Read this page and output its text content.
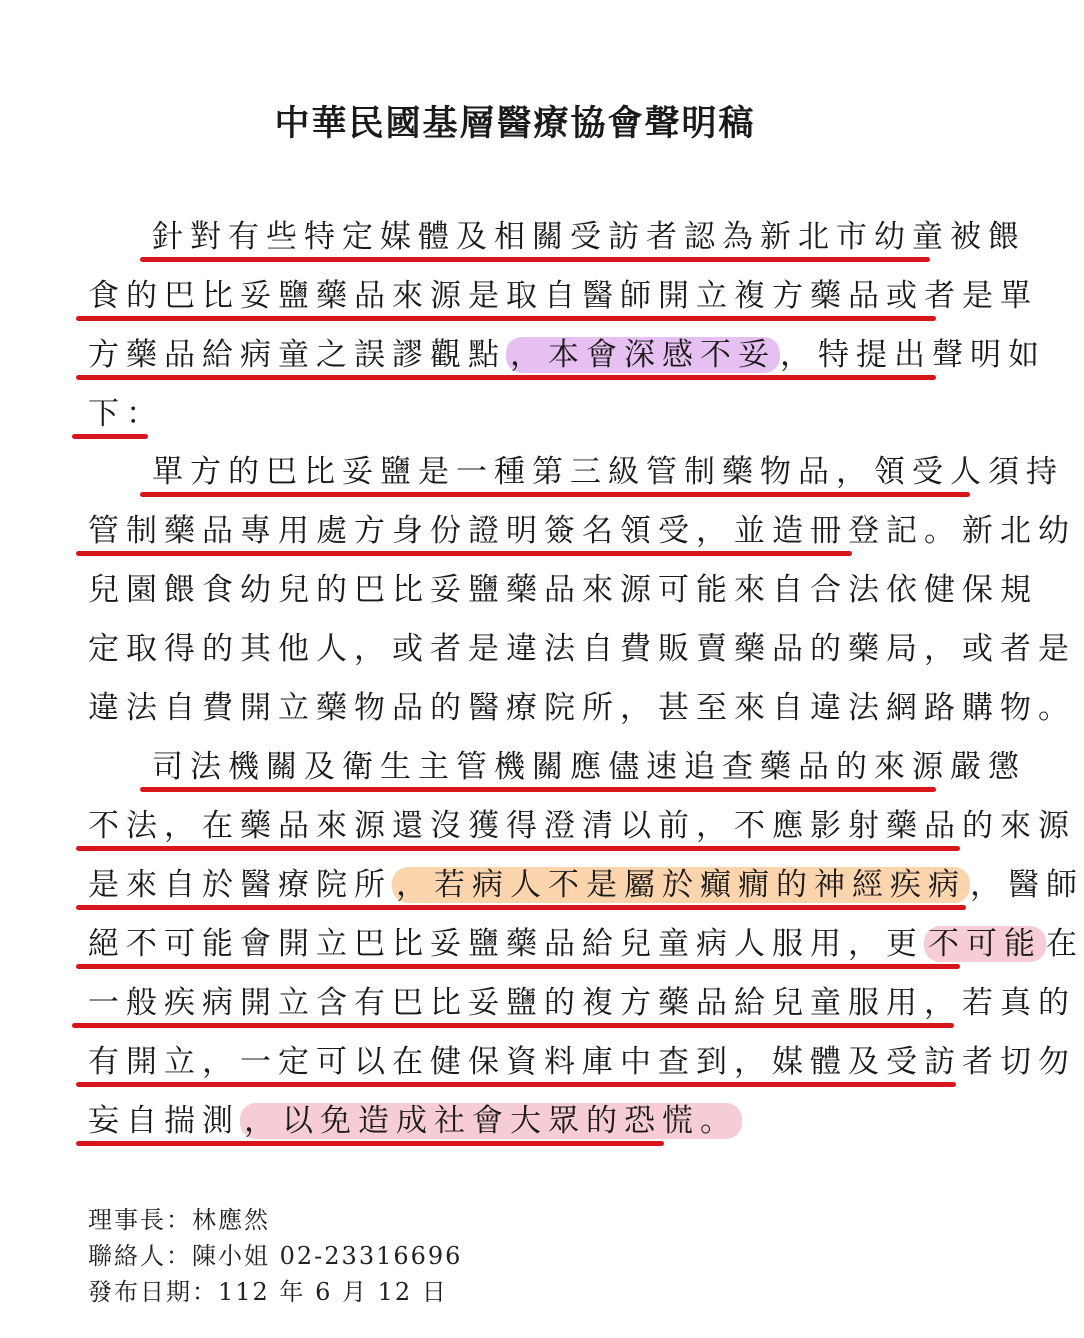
中華民國基層醫療協會聲明稿
針對有些特定媒體及相關受訪者認為新北市幼童被餵
食的巴比妥鹽藥品來源是取自醫師開立複方藥品或者是單
方藥品給病童之誤謬觀點 ，本會深感不妥 ，特提出聲明如
下：
單方的巴比妥鹽是一種第三級管制藥物品，領受人須持
管制藥品專用處方身份證明簽名領受，並造冊登記。新北幼
兒園餵食幼兒的巴比妥鹽藥品來源可能來自合法依健保規
定取得的其他人，或者是違法自費販賣藥品的藥局，或者是
違法自費開立藥物品的醫療院所，甚至來自違法網路購物。
司法機關及衛生主管機關應儘速追查藥品的來源嚴懲
不法，在藥品來源還沒獲得澄清以前，不應影射藥品的來源
是來自於醫療院所 ，若病人不是屬於癲癇的神經疾病 ，醫師
絕不可能會開立巴比妥鹽藥品給兒童病人服用，更 不可能 在
一般疾病開立含有巴比妥鹽的複方藥品給兒童服用，若真的
有開立，一定可以在健保資料庫中查到，媒體及受訪者切勿
妄自揣測 ，以免造成社會大眾的恐慌。
理事長：林應然
聯絡人：陳小姐 02-23316696
發布日期：112 年 6 月 12 日
